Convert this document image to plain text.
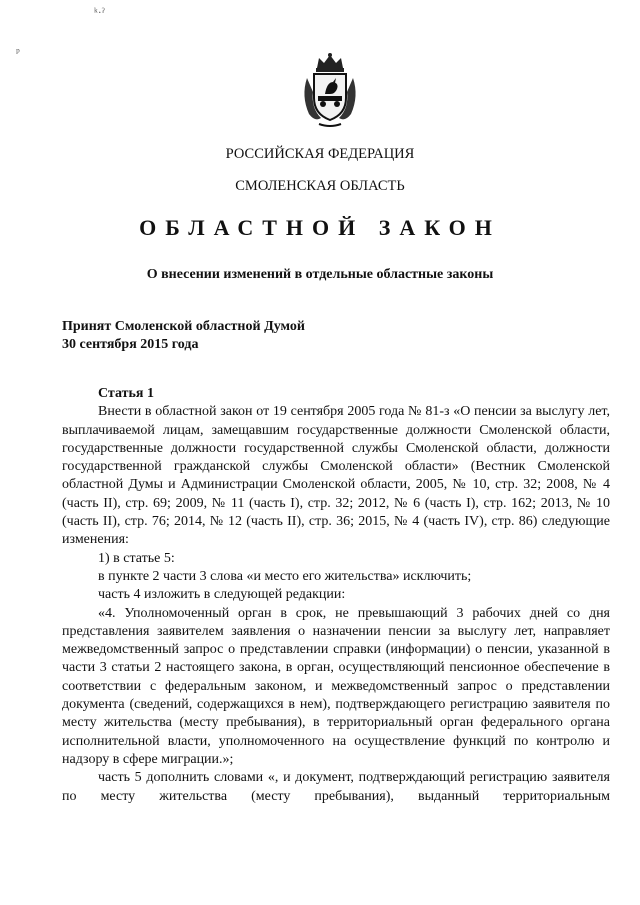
ᵏ·ˀ
ᵖ
РОССИЙСКАЯ ФЕДЕРАЦИЯ
СМОЛЕНСКАЯ ОБЛАСТЬ
ОБЛАСТНОЙ ЗАКОН
О внесении изменений в отдельные областные законы
Принят Смоленской областной Думой
30 сентября 2015 года

Статья 1

Внести в областной закон от 19 сентября 2005 года № 81-з «О пенсии за выслугу лет, выплачиваемой лицам, замещавшим государственные должности Смоленской области, государственные должности государственной службы Смоленской области, должности государственной гражданской службы Смоленской области» (Вестник Смоленской областной Думы и Администрации Смоленской области, 2005, № 10, стр. 32; 2008, № 4 (часть II), стр. 69; 2009, № 11 (часть I), стр. 32; 2012, № 6 (часть I), стр. 162; 2013, № 10 (часть II), стр. 76; 2014, № 12 (часть II), стр. 36; 2015, № 4 (часть IV), стр. 86) следующие изменения:

1) в статье 5:

в пункте 2 части 3 слова «и место его жительства» исключить;

часть 4 изложить в следующей редакции:

«4. Уполномоченный орган в срок, не превышающий 3 рабочих дней со дня представления заявителем заявления о назначении пенсии за выслугу лет, направляет межведомственный запрос о представлении справки (информации) о пенсии, указанной в части 3 статьи 2 настоящего закона, в орган, осуществляющий пенсионное обеспечение в соответствии с федеральным законом, и межведомственный запрос о представлении документа (сведений, содержащихся в нем), подтверждающего регистрацию заявителя по месту жительства (месту пребывания), в территориальный орган федерального органа исполнительной власти, уполномоченного на осуществление функций по контролю и надзору в сфере миграции.»;

часть 5 дополнить словами «, и документ, подтверждающий регистрацию заявителя по месту жительства (месту пребывания), выданный территориальным
